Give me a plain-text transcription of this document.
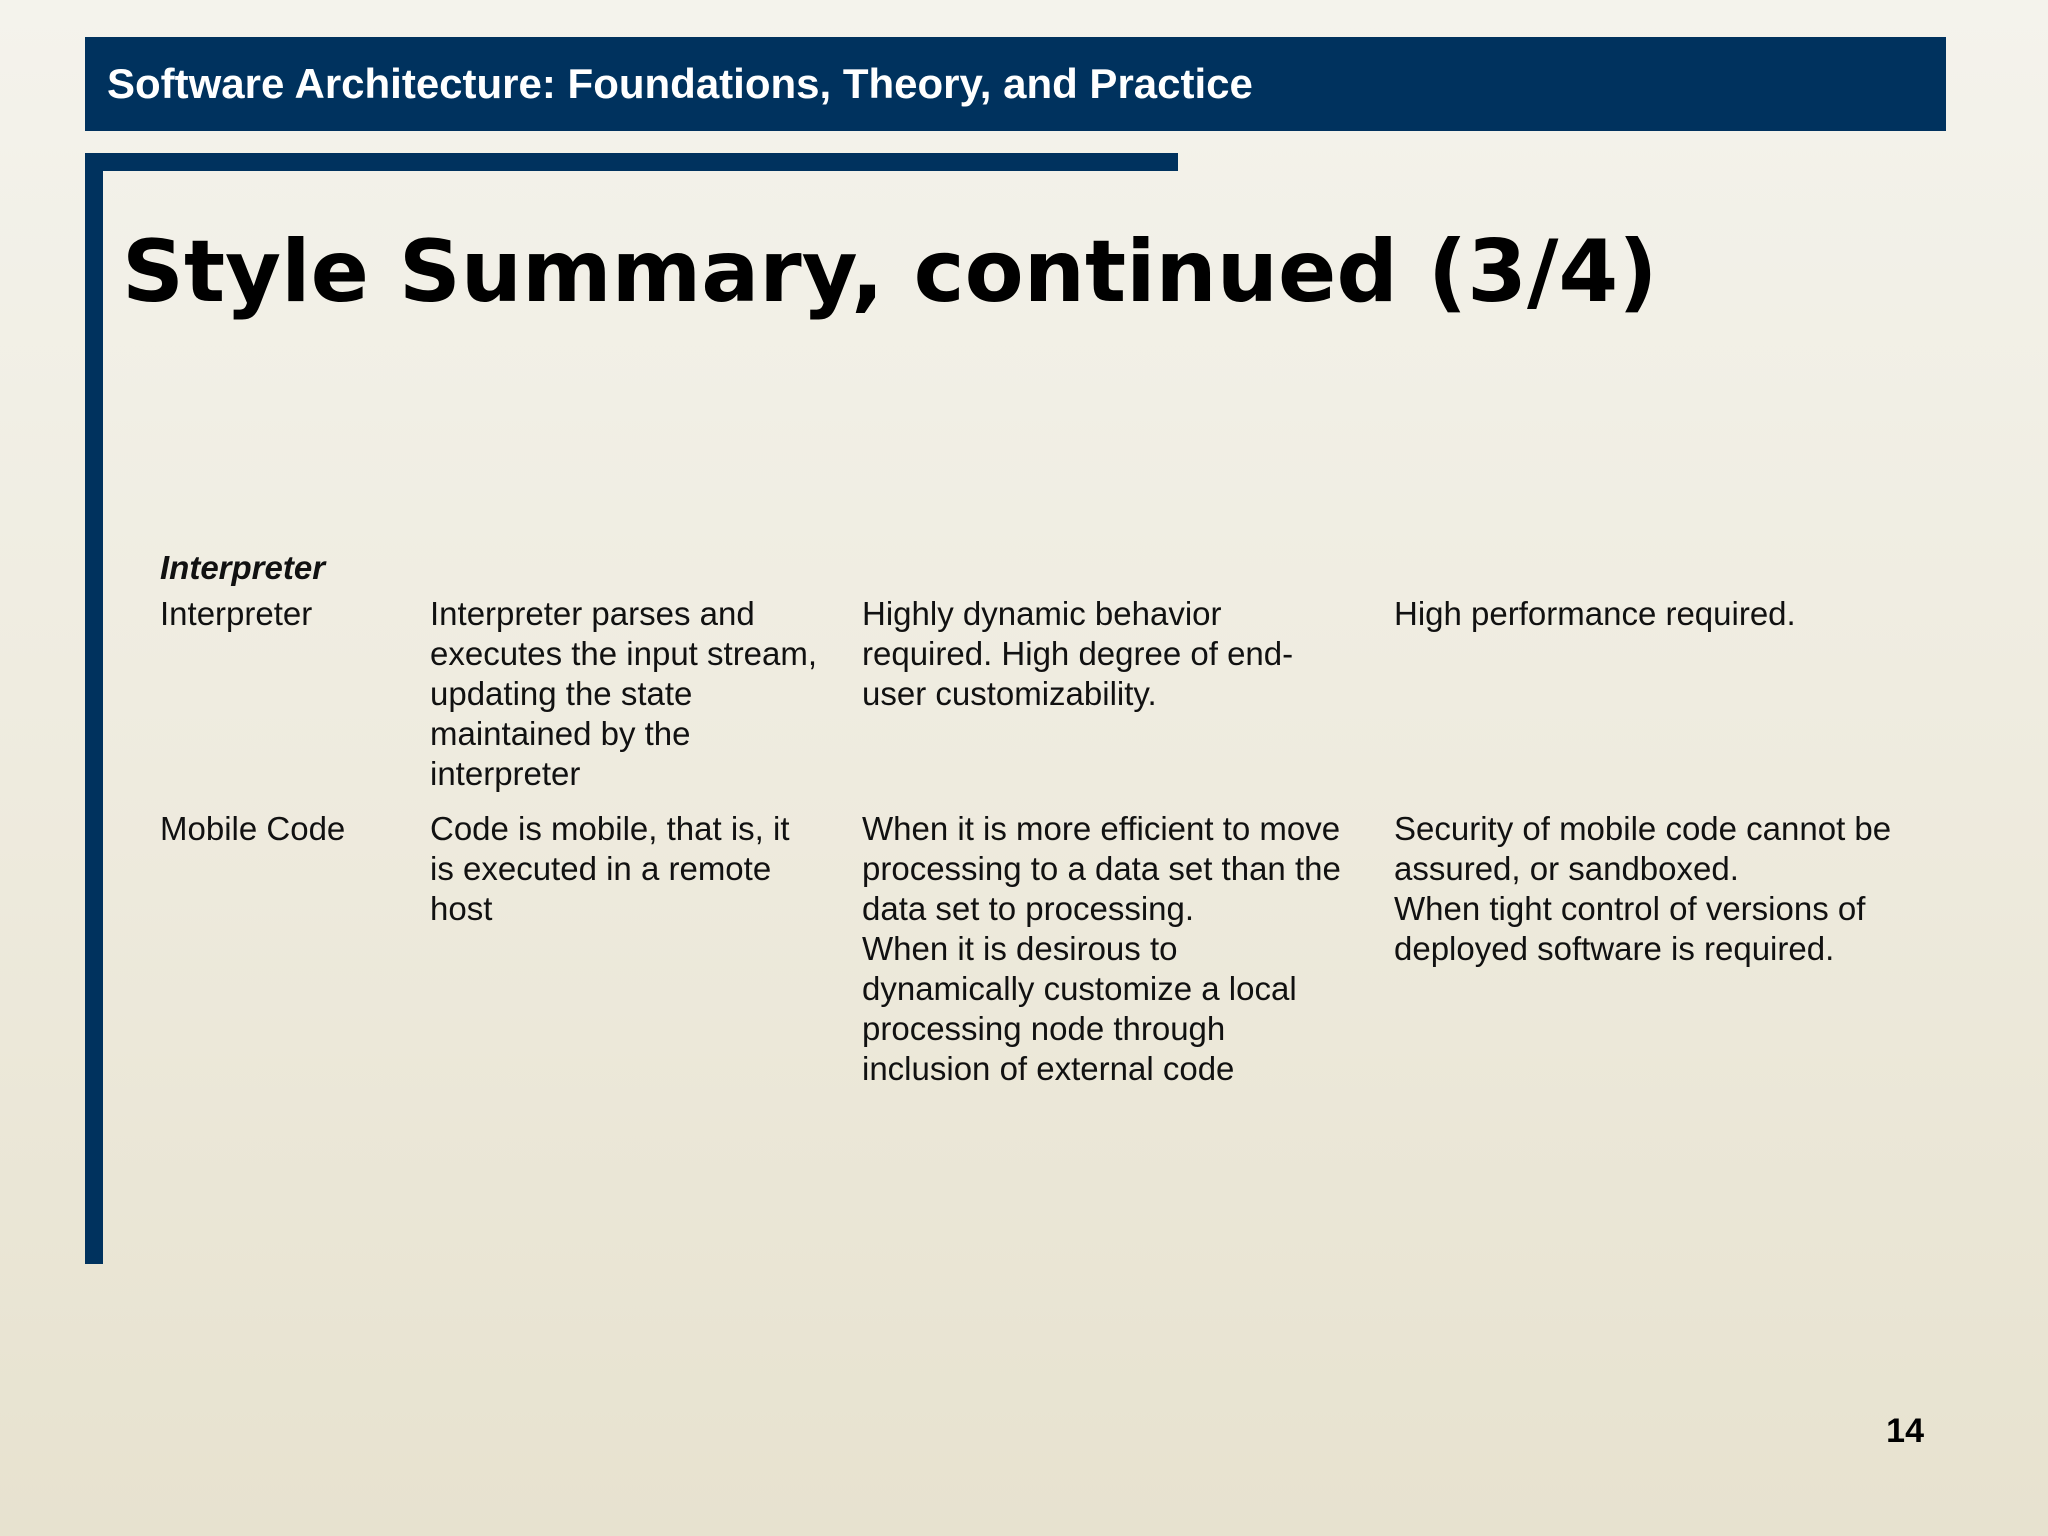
Software Architecture: Foundations, Theory, and Practice
Style Summary, continued (3/4)
Interpreter
Interpreter	Interpreter parses and
executes the input stream,
updating the state
maintained by the
interpreter
Highly dynamic behavior
required. High degree of end-
user customizability.
High performance required.
Mobile Code	Code is mobile, that is, it
is executed in a remote
host
When it is more efficient to move
processing to a data set than the
data set to processing.
When it is desirous to
dynamically customize a local
processing node through
inclusion of external code
Security of mobile code cannot be
assured, or sandboxed.
When tight control of versions of
deployed software is required.
14
